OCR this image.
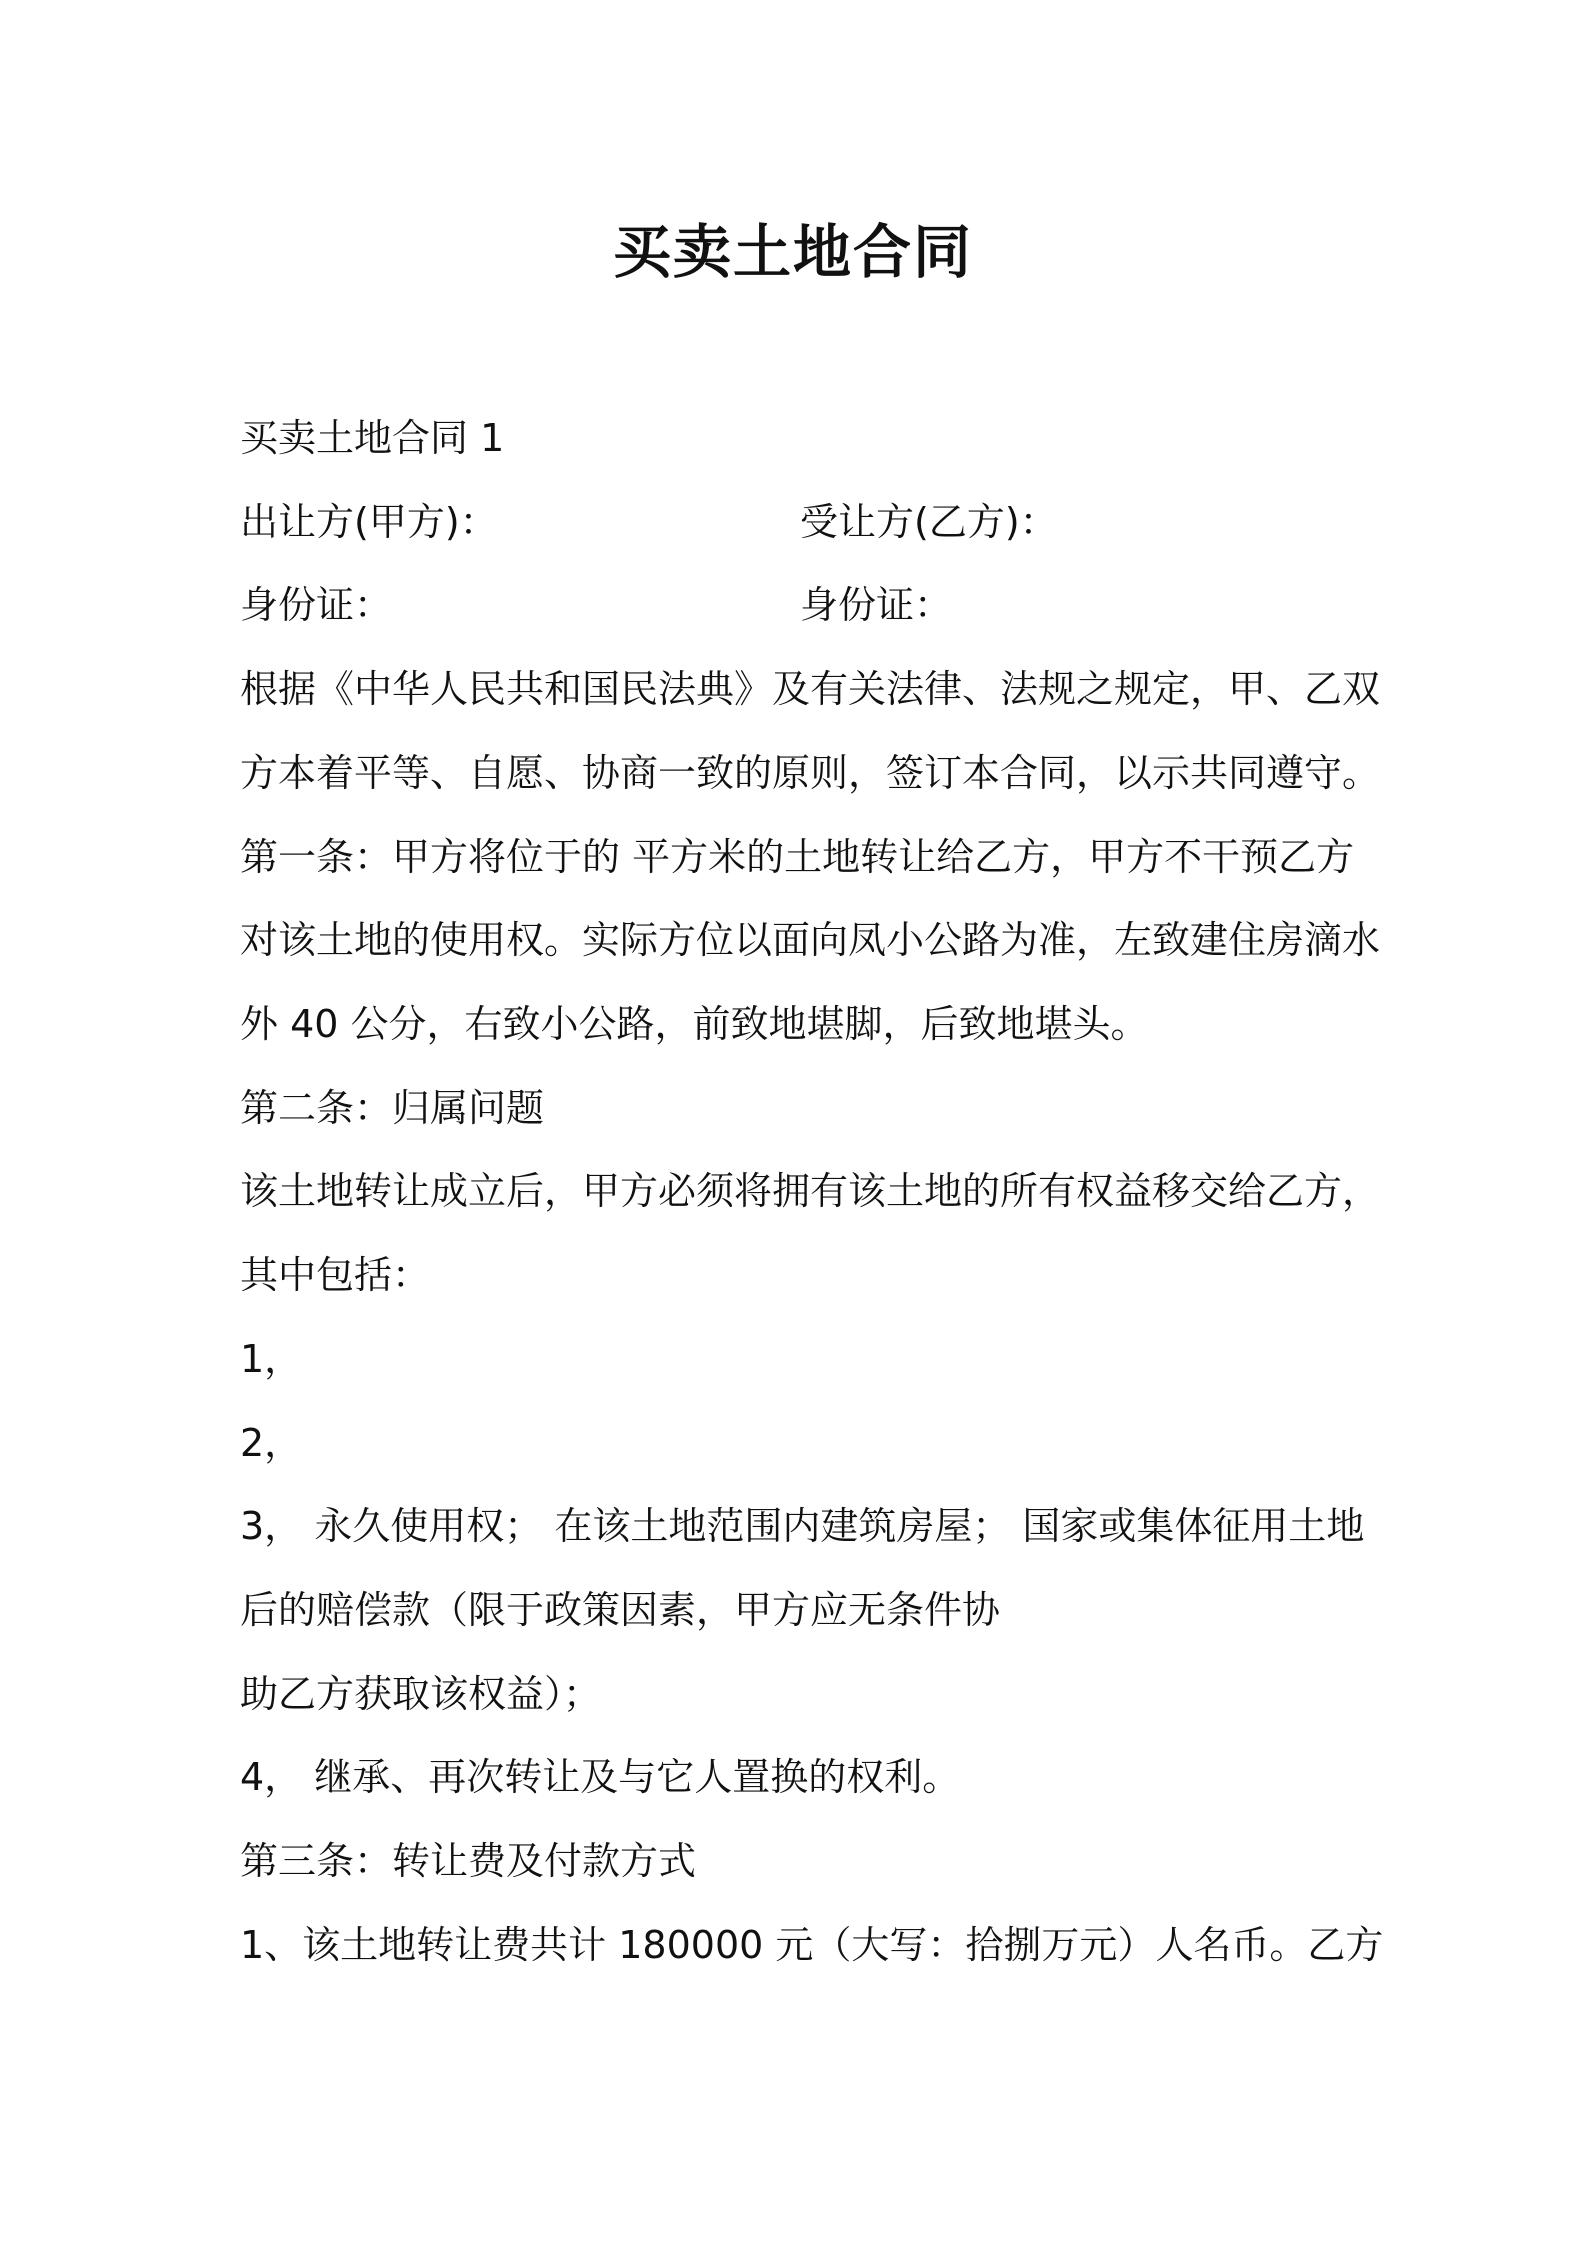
买卖土地合同
买卖土地合同 1
出让方(甲方)：	受让方(乙方)：
身份证：	身份证：
根据《中华人民共和国民法典》及有关法律、法规之规定，甲、乙双
方本着平等、自愿、协商一致的原则，签订本合同，以示共同遵守。
第一条：甲方将位于的 平方米的土地转让给乙方，甲方不干预乙方
对该土地的使用权。实际方位以面向凤小公路为准，左致建住房滴水
外 40 公分，右致小公路，前致地堪脚，后致地堪头。
第二条：归属问题
该土地转让成立后，甲方必须将拥有该土地的所有权益移交给乙方，
其中包括：
1，
2，
3， 永久使用权； 在该土地范围内建筑房屋； 国家或集体征用土地
后的赔偿款（限于政策因素，甲方应无条件协
助乙方获取该权益）；
4， 继承、再次转让及与它人置换的权利。
第三条：转让费及付款方式
1、该土地转让费共计 180000 元（大写：拾捌万元）人名币。乙方
